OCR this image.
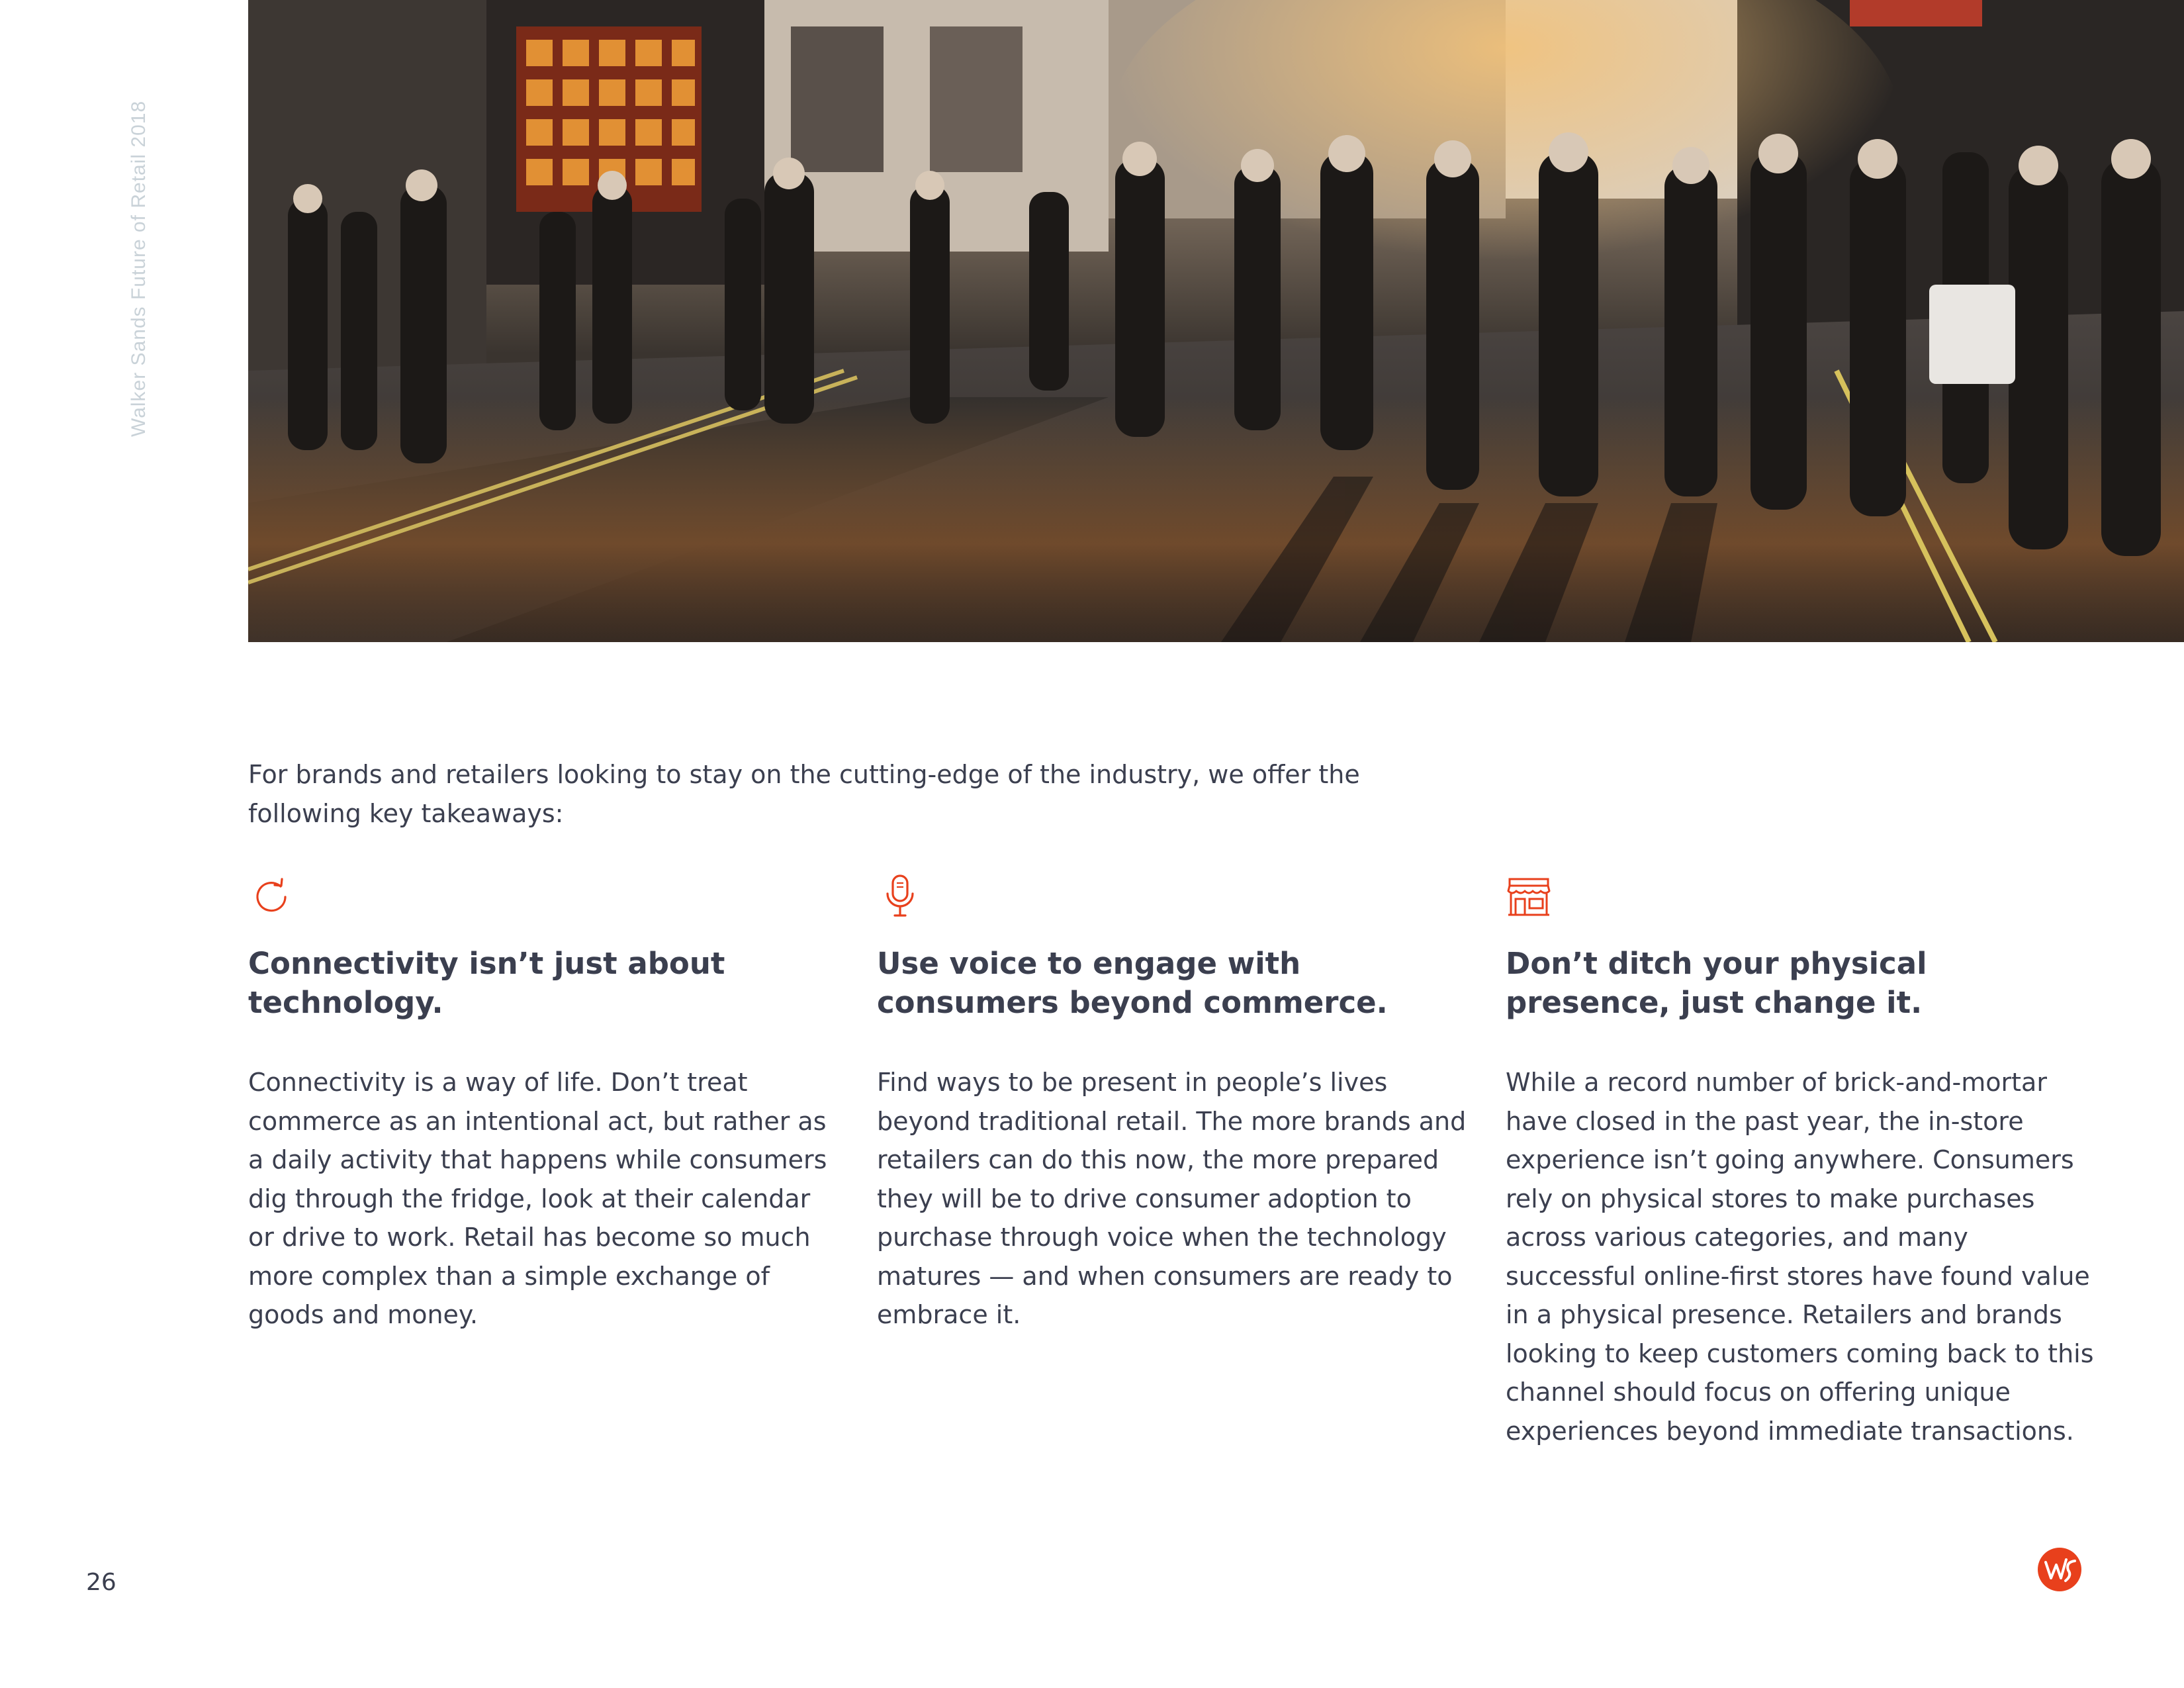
Walker Sands Future of Retail 2018

For brands and retailers looking to stay on the cutting-edge of the industry, we offer the following key takeaways:

Connectivity isn’t just about technology.

Connectivity is a way of life. Don’t treat commerce as an intentional act, but rather as a daily activity that happens while consumers dig through the fridge, look at their calendar or drive to work. Retail has become so much more complex than a simple exchange of goods and money.

Use voice to engage with consumers beyond commerce.

Find ways to be present in people’s lives beyond traditional retail. The more brands and retailers can do this now, the more prepared they will be to drive consumer adoption to purchase through voice when the technology matures — and when consumers are ready to embrace it.

Don’t ditch your physical presence, just change it.

While a record number of brick-and-mortar have closed in the past year, the in-store experience isn’t going anywhere. Consumers rely on physical stores to make purchases across various categories, and many successful online-first stores have found value in a physical presence. Retailers and brands looking to keep customers coming back to this channel should focus on offering unique experiences beyond immediate transactions.

26
